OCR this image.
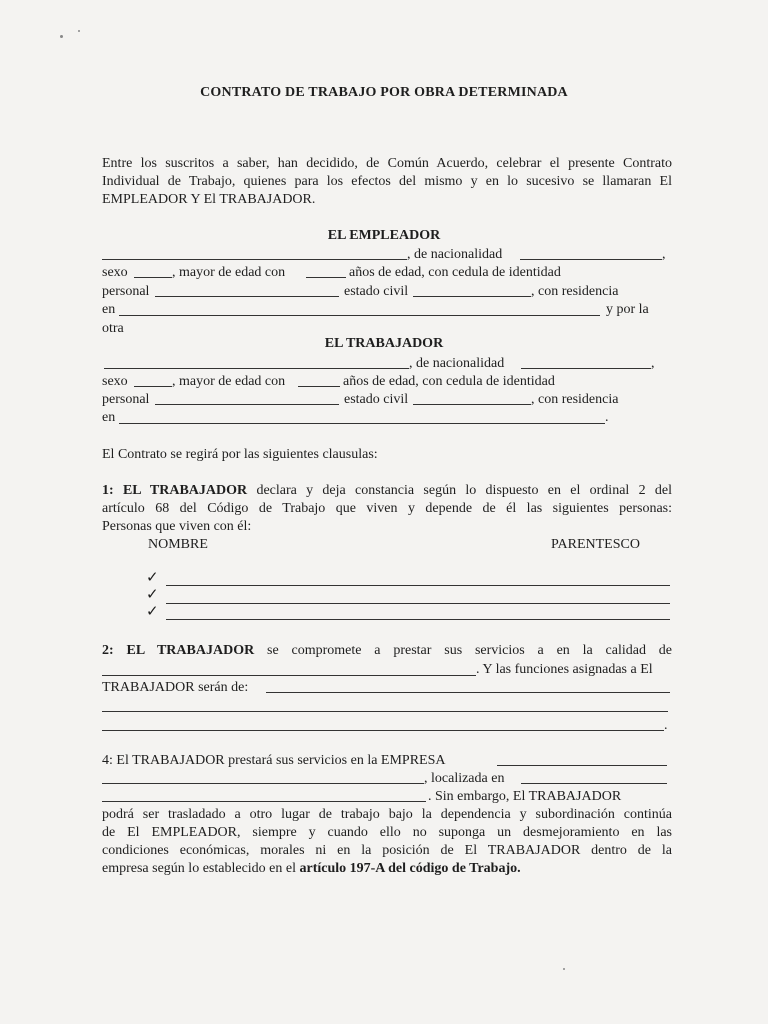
CONTRATO DE TRABAJO POR OBRA DETERMINADA
Entre los suscritos a saber, han decidido, de Común Acuerdo, celebrar el presente Contrato
Individual de Trabajo, quienes para los efectos del mismo y en lo sucesivo se llamaran El
EMPLEADOR Y El TRABAJADOR.
EL EMPLEADOR
, de nacionalidad	,
sexo	, mayor de edad con	años de edad, con cedula de identidad
personal	estado civil	, con residencia
en	y por la
otra
EL TRABAJADOR
, de nacionalidad	,
sexo	, mayor de edad con	años de edad, con cedula de identidad
personal	estado civil	, con residencia
en	.
El Contrato se regirá por las siguientes clausulas:
1: EL TRABAJADOR declara y deja constancia según lo dispuesto en el ordinal 2 del
artículo 68 del Código de Trabajo que viven y depende de él las siguientes personas:
Personas que viven con él:
NOMBRE	PARENTESCO
✓
✓
✓
2: EL TRABAJADOR se compromete a prestar sus servicios a en la calidad de
. Y las funciones asignadas a El
TRABAJADOR serán de:
.
4: El TRABAJADOR prestará sus servicios en la EMPRESA
, localizada en
. Sin embargo, El TRABAJADOR
podrá ser trasladado a otro lugar de trabajo bajo la dependencia y subordinación continúa
de El EMPLEADOR, siempre y cuando ello no suponga un desmejoramiento en las
condiciones económicas, morales ni en la posición de El TRABAJADOR dentro de la
empresa según lo establecido en el artículo 197-A del código de Trabajo.
